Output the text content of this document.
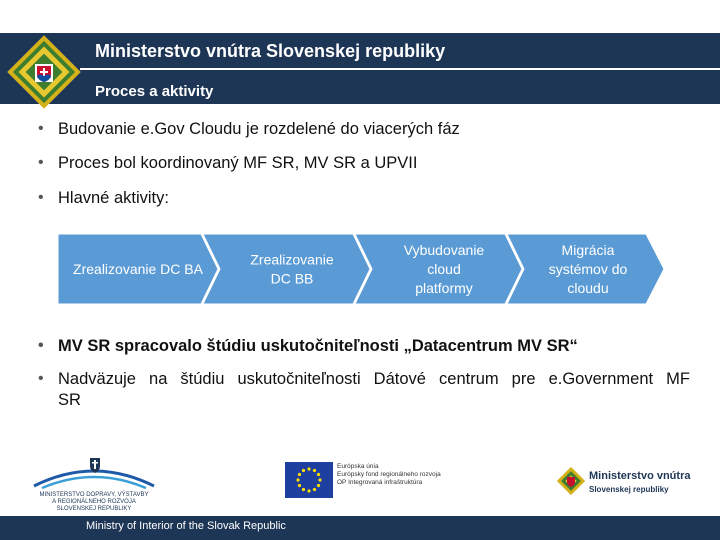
Ministerstvo vnútra Slovenskej republiky
Proces a aktivity
• Budovanie e.Gov Cloudu je rozdelené do viacerých fáz
• Proces bol koordinovaný MF SR, MV SR a UPVII
• Hlavné aktivity:
Zrealizovanie DC BA
Zrealizovanie
DC BB
Vybudovanie
cloud
platformy
Migrácia
systémov do
cloudu
• MV SR spracovalo štúdiu uskutočniteľnosti „Datacentrum MV SR“
• Nadväzuje na štúdiu uskutočniteľnosti Dátové centrum pre e.Government MF
SR
MINISTERSTVO DOPRAVY, VÝSTAVBY
A REGIONÁLNEHO ROZVOJA
SLOVENSKEJ REPUBLIKY
Európska únia
Európsky fond regionálneho rozvoja
OP Integrovaná infraštruktúra
Ministerstvo vnútra
Slovenskej republiky
Ministry of Interior of the Slovak Republic
